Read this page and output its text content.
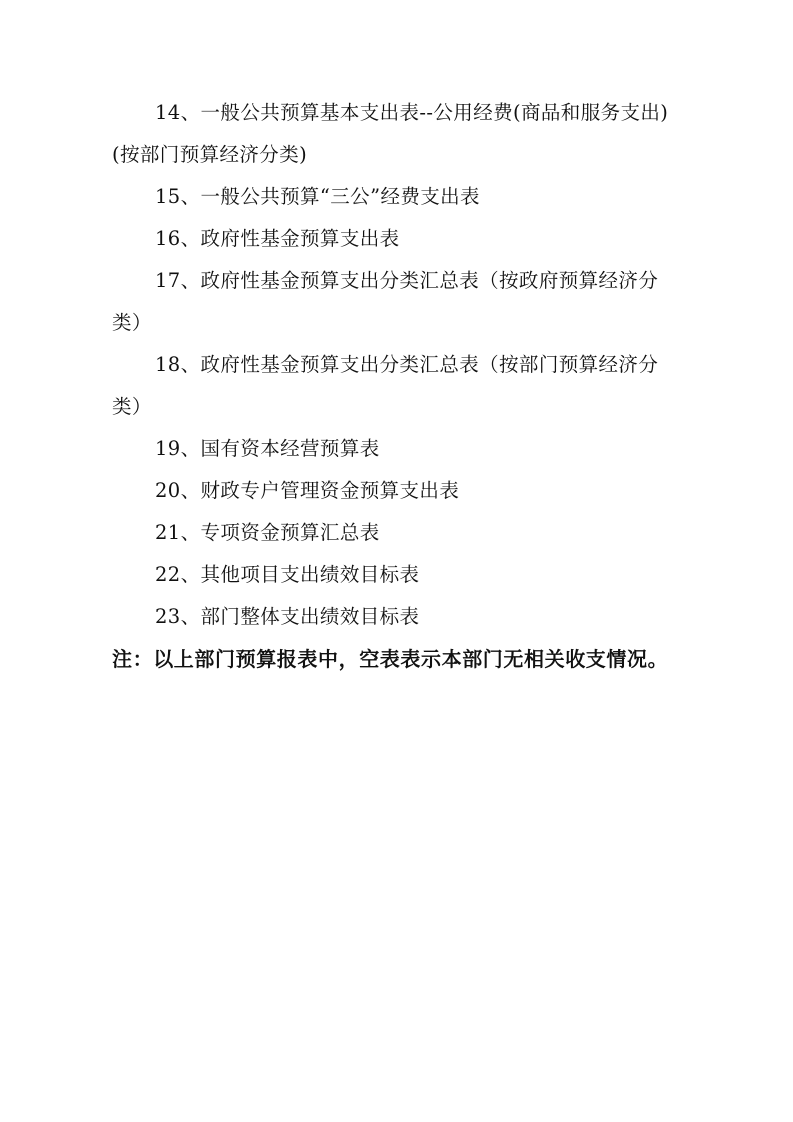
14、一般公共预算基本支出表--公用经费(商品和服务支出)(按部门预算经济分类)

15、一般公共预算“三公”经费支出表

16、政府性基金预算支出表

17、政府性基金预算支出分类汇总表（按政府预算经济分类）

18、政府性基金预算支出分类汇总表（按部门预算经济分类）

19、国有资本经营预算表

20、财政专户管理资金预算支出表

21、专项资金预算汇总表

22、其他项目支出绩效目标表

23、部门整体支出绩效目标表

注：以上部门预算报表中，空表表示本部门无相关收支情况。
